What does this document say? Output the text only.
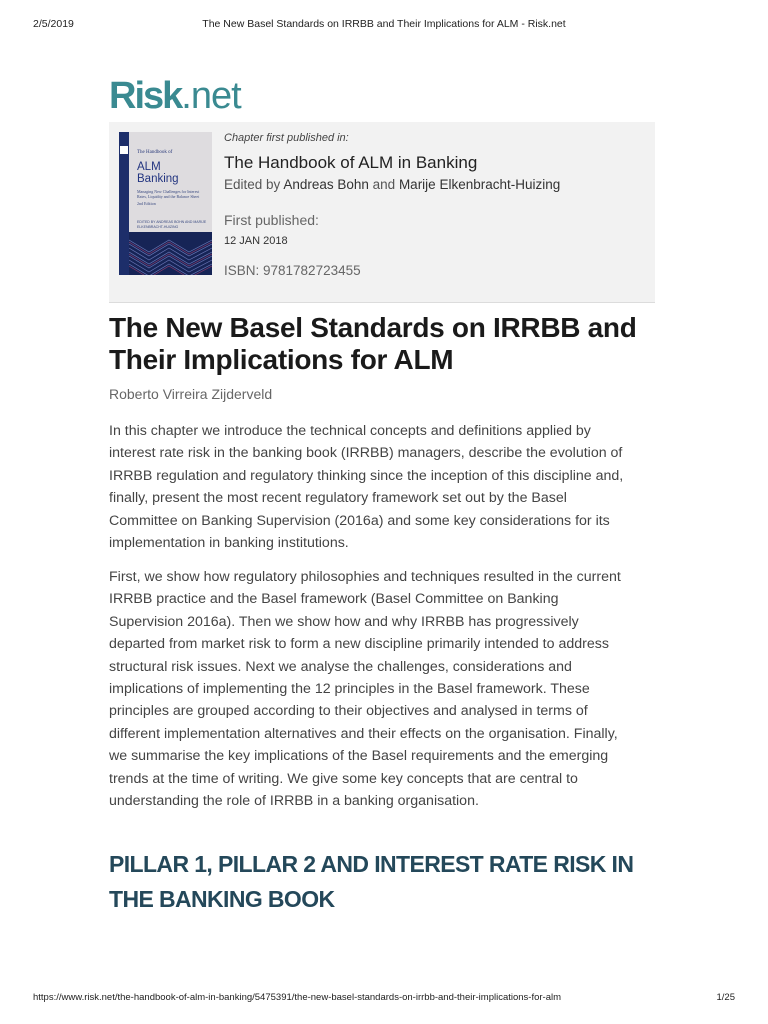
2/5/2019	The New Basel Standards on IRRBB and Their Implications for ALM - Risk.net
Risk.net
The Handbook of
ALM
Banking
Managing New Challenges for Interest Rates, Liquidity and the Balance Sheet
2nd Edition
EDITED BY ANDREAS BOHN AND MARIJE ELKENBRACHT-HUIZING
Chapter first published in:
The Handbook of ALM in Banking
Edited by Andreas Bohn and Marije Elkenbracht-Huizing
First published:
12 JAN 2018
ISBN: 9781782723455
The New Basel Standards on IRRBB and Their Implications for ALM
Roberto Virreira Zijderveld

In this chapter we introduce the technical concepts and definitions applied by interest rate risk in the banking book (IRRBB) managers, describe the evolution of IRRBB regulation and regulatory thinking since the inception of this discipline and, finally, present the most recent regulatory framework set out by the Basel Committee on Banking Supervision (2016a) and some key considerations for its implementation in banking institutions.

First, we show how regulatory philosophies and techniques resulted in the current IRRBB practice and the Basel framework (Basel Committee on Banking Supervision 2016a). Then we show how and why IRRBB has progressively departed from market risk to form a new discipline primarily intended to address structural risk issues. Next we analyse the challenges, considerations and implications of implementing the 12 principles in the Basel framework. These principles are grouped according to their objectives and analysed in terms of different implementation alternatives and their effects on the organisation. Finally, we summarise the key implications of the Basel requirements and the emerging trends at the time of writing. We give some key concepts that are central to understanding the role of IRRBB in a banking organisation.

PILLAR 1, PILLAR 2 AND INTEREST RATE RISK IN THE BANKING BOOK
https://www.risk.net/the-handbook-of-alm-in-banking/5475391/the-new-basel-standards-on-irrbb-and-their-implications-for-alm	1/25
